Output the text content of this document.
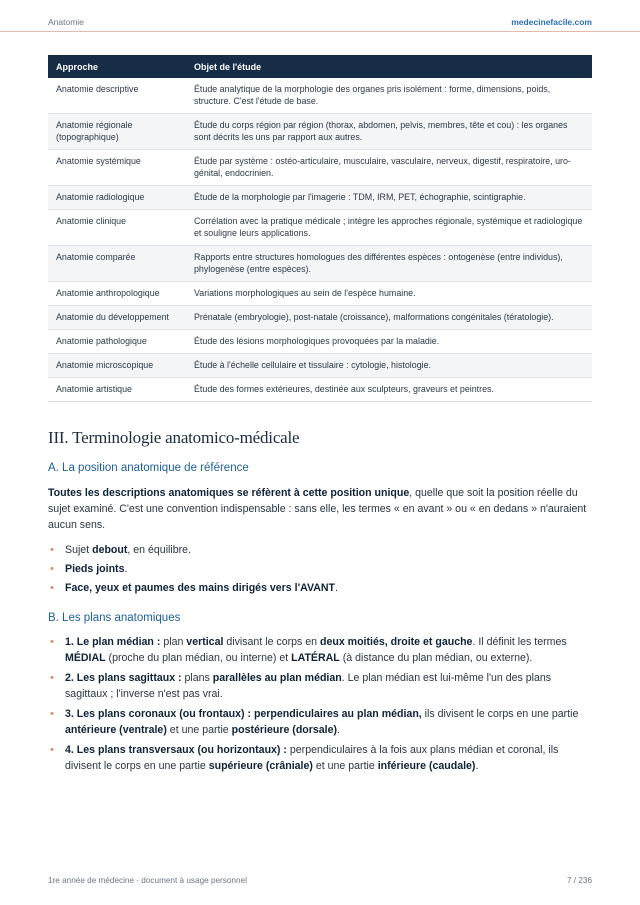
Anatomie	medecinefacile.com
Approche	Objet de l'étude
Anatomie descriptive	Étude analytique de la morphologie des organes pris isolément : forme, dimensions, poids, structure. C'est l'étude de base.
Anatomie régionale (topographique)	Étude du corps région par région (thorax, abdomen, pelvis, membres, tête et cou) : les organes sont décrits les uns par rapport aux autres.
Anatomie systémique	Étude par système : ostéo-articulaire, musculaire, vasculaire, nerveux, digestif, respiratoire, uro-génital, endocrinien.
Anatomie radiologique	Étude de la morphologie par l'imagerie : TDM, IRM, PET, échographie, scintigraphie.
Anatomie clinique	Corrélation avec la pratique médicale ; intègre les approches régionale, systémique et radiologique et souligne leurs applications.
Anatomie comparée	Rapports entre structures homologues des différentes espèces : ontogenèse (entre individus), phylogenèse (entre espèces).
Anatomie anthropologique	Variations morphologiques au sein de l'espèce humaine.
Anatomie du développement	Prénatale (embryologie), post-natale (croissance), malformations congénitales (tératologie).
Anatomie pathologique	Étude des lésions morphologiques provoquées par la maladie.
Anatomie microscopique	Étude à l'échelle cellulaire et tissulaire : cytologie, histologie.
Anatomie artistique	Étude des formes extérieures, destinée aux sculpteurs, graveurs et peintres.
III. Terminologie anatomico-médicale
A. La position anatomique de référence

Toutes les descriptions anatomiques se réfèrent à cette position unique, quelle que soit la position réelle du sujet examiné. C'est une convention indispensable : sans elle, les termes « en avant » ou « en dedans » n'auraient aucun sens.

• Sujet debout, en équilibre.
• Pieds joints.
• Face, yeux et paumes des mains dirigés vers l'AVANT.
B. Les plans anatomiques
• 1. Le plan médian : plan vertical divisant le corps en deux moitiés, droite et gauche. Il définit les termes MÉDIAL (proche du plan médian, ou interne) et LATÉRAL (à distance du plan médian, ou externe).
• 2. Les plans sagittaux : plans parallèles au plan médian. Le plan médian est lui-même l'un des plans sagittaux ; l'inverse n'est pas vrai.
• 3. Les plans coronaux (ou frontaux) : perpendiculaires au plan médian, ils divisent le corps en une partie antérieure (ventrale) et une partie postérieure (dorsale).
• 4. Les plans transversaux (ou horizontaux) : perpendiculaires à la fois aux plans médian et coronal, ils divisent le corps en une partie supérieure (crâniale) et une partie inférieure (caudale).
1re année de médecine · document à usage personnel	7 / 236
